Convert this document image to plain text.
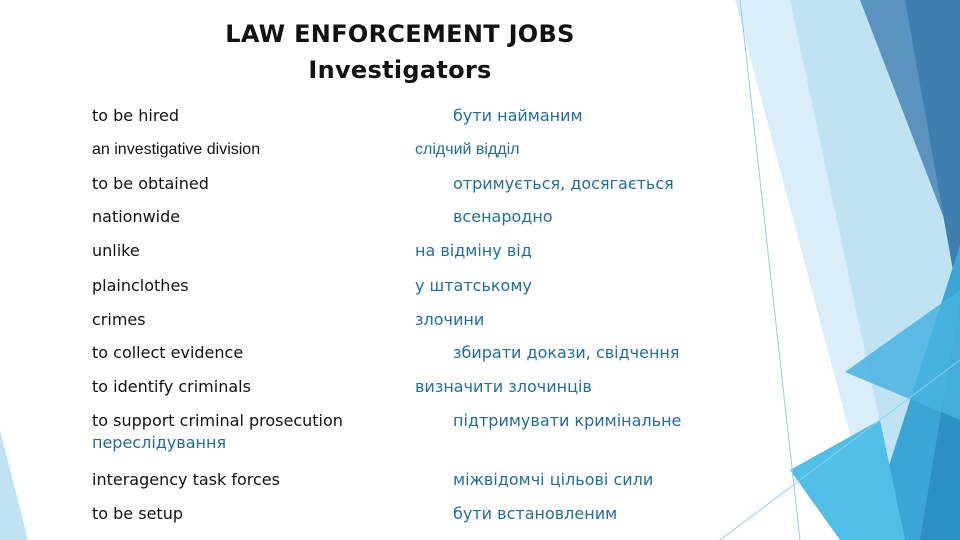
LAW ENFORCEMENT JOBS
Investigators
to be hired	бути найманим
an investigative division	слідчий відділ
to be obtained	отримується, досягається
nationwide	всенародно
unlike	на відміну від
plainclothes	у штатському
crimes	злочини
to collect evidence	збирати докази, свідчення
to identify criminals	визначити злочинців
to support criminal prosecution	підтримувати кримінальне
переслідування
interagency task forces	міжвідомчі цільові сили
to be setup	бути встановленим
